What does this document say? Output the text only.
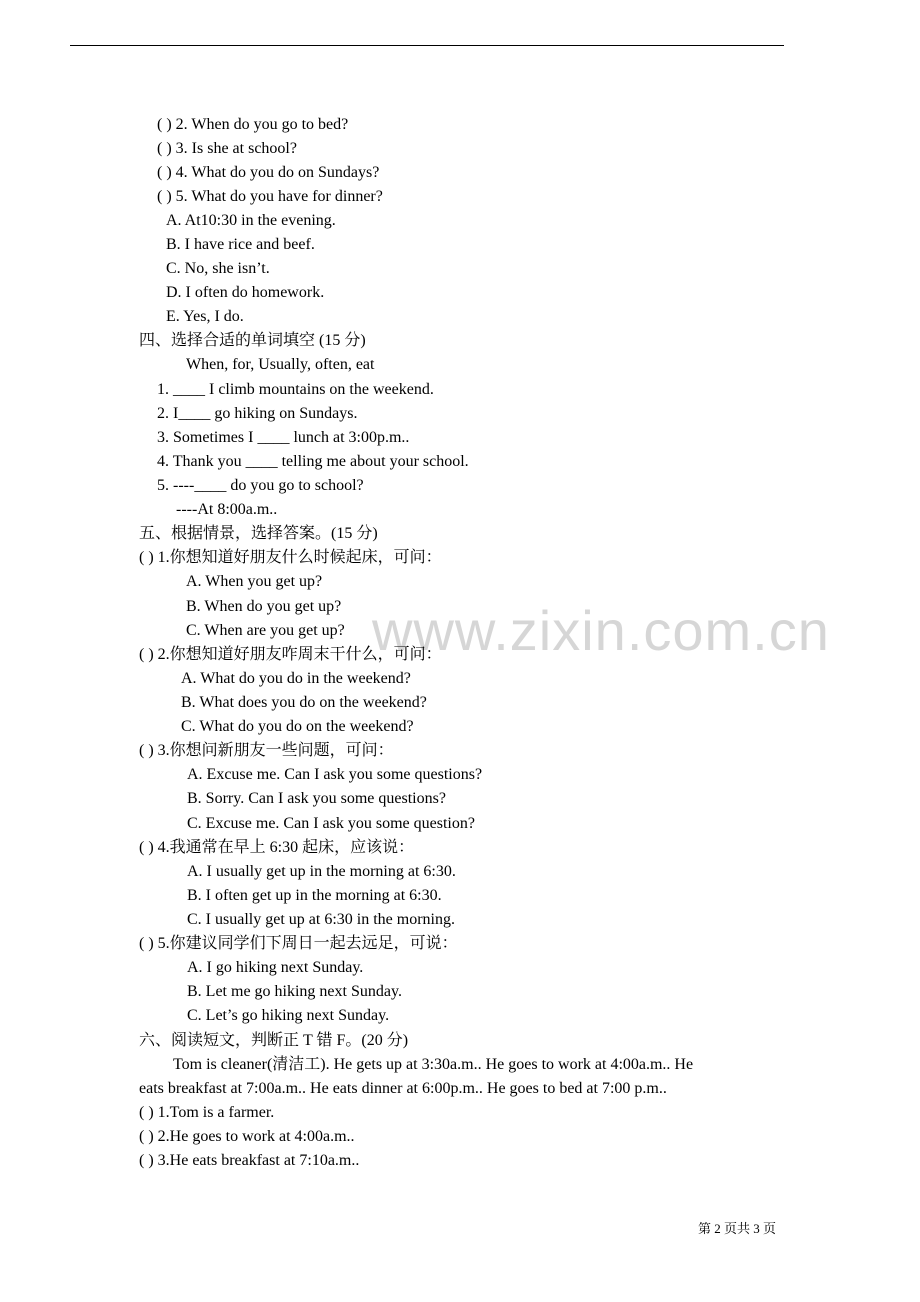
www.zixin.com.cn
( ) 2. When do you go to bed?
( ) 3. Is she at school?
( ) 4. What do you do on Sundays?
( ) 5. What do you have for dinner?
A. At10:30 in the evening.
B. I have rice and beef.
C. No, she isn’t.
D. I often do homework.
E. Yes, I do.
四、选择合适的单词填空 (15 分)
When, for, Usually, often, eat
1. ____ I climb mountains on the weekend.
2. I____ go hiking on Sundays.
3. Sometimes I ____ lunch at 3:00p.m..
4. Thank you ____ telling me about your school.
5. ----____ do you go to school?
----At 8:00a.m..
五、根据情景，选择答案。(15 分)
( ) 1.你想知道好朋友什么时候起床，可问：
A. When you get up?
B. When do you get up?
C. When are you get up?
( ) 2.你想知道好朋友咋周末干什么，可问：
A. What do you do in the weekend?
B. What does you do on the weekend?
C. What do you do on the weekend?
( ) 3.你想问新朋友一些问题，可问：
A. Excuse me. Can I ask you some questions?
B. Sorry. Can I ask you some questions?
C. Excuse me. Can I ask you some question?
( ) 4.我通常在早上 6:30 起床，应该说：
A. I usually get up in the morning at 6:30.
B. I often get up in the morning at 6:30.
C. I usually get up at 6:30 in the morning.
( ) 5.你建议同学们下周日一起去远足，可说：
A. I go hiking next Sunday.
B. Let me go hiking next Sunday.
C. Let’s go hiking next Sunday.
六、阅读短文，判断正 T 错 F。(20 分)
Tom is cleaner(清洁工). He gets up at 3:30a.m.. He goes to work at 4:00a.m.. He
eats breakfast at 7:00a.m.. He eats dinner at 6:00p.m.. He goes to bed at 7:00 p.m..
( ) 1.Tom is a farmer.
( ) 2.He goes to work at 4:00a.m..
( ) 3.He eats breakfast at 7:10a.m..
第 2 页共 3 页
